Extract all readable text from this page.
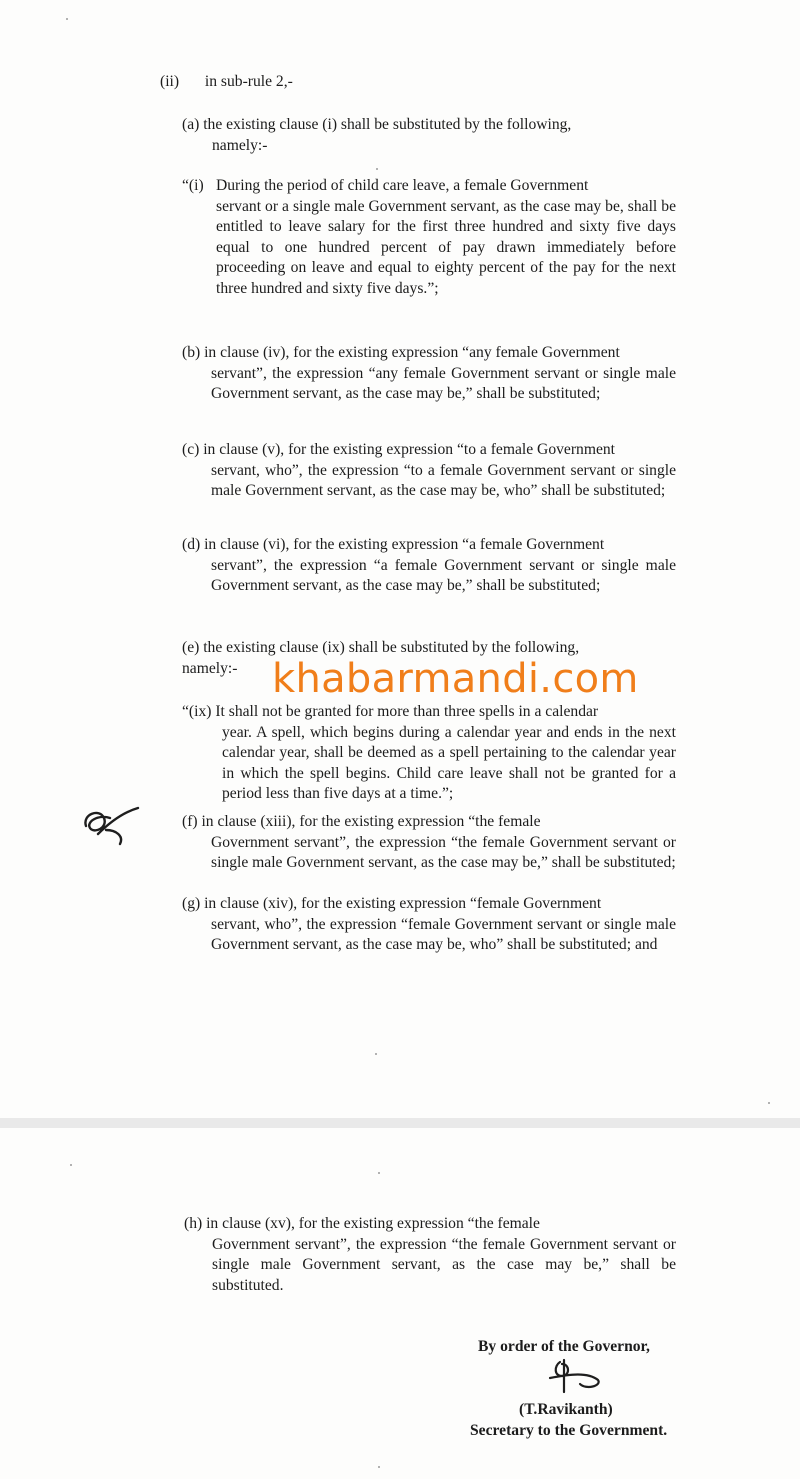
(ii) in sub-rule 2,-
(a) the existing clause (i) shall be substituted by the following,
namely:-
“(i) During the period of child care leave, a female Government
servant or a single male Government servant, as the case may be, shall be entitled to leave salary for the first three hundred and sixty five days equal to one hundred percent of pay drawn immediately before proceeding on leave and equal to eighty percent of the pay for the next three hundred and sixty five days.”;
(b) in clause (iv), for the existing expression “any female Government
servant”, the expression “any female Government servant or single male Government servant, as the case may be,” shall be substituted;
(c) in clause (v), for the existing expression “to a female Government
servant, who”, the expression “to a female Government servant or single male Government servant, as the case may be, who” shall be substituted;
(d) in clause (vi), for the existing expression “a female Government
servant”, the expression “a female Government servant or single male Government servant, as the case may be,” shall be substituted;
(e) the existing clause (ix) shall be substituted by the following,
namely:- khabarmandi.com
“(ix) It shall not be granted for more than three spells in a calendar
year. A spell, which begins during a calendar year and ends in the next calendar year, shall be deemed as a spell pertaining to the calendar year in which the spell begins. Child care leave shall not be granted for a period less than five days at a time.”;
(f) in clause (xiii), for the existing expression “the female
Government servant”, the expression “the female Government servant or single male Government servant, as the case may be,” shall be substituted;
(g) in clause (xiv), for the existing expression “female Government
servant, who”, the expression “female Government servant or single male Government servant, as the case may be, who” shall be substituted; and
(h) in clause (xv), for the existing expression “the female
Government servant”, the expression “the female Government servant or single male Government servant, as the case may be,” shall be substituted.
By order of the Governor,
(T.Ravikanth)
Secretary to the Government.
